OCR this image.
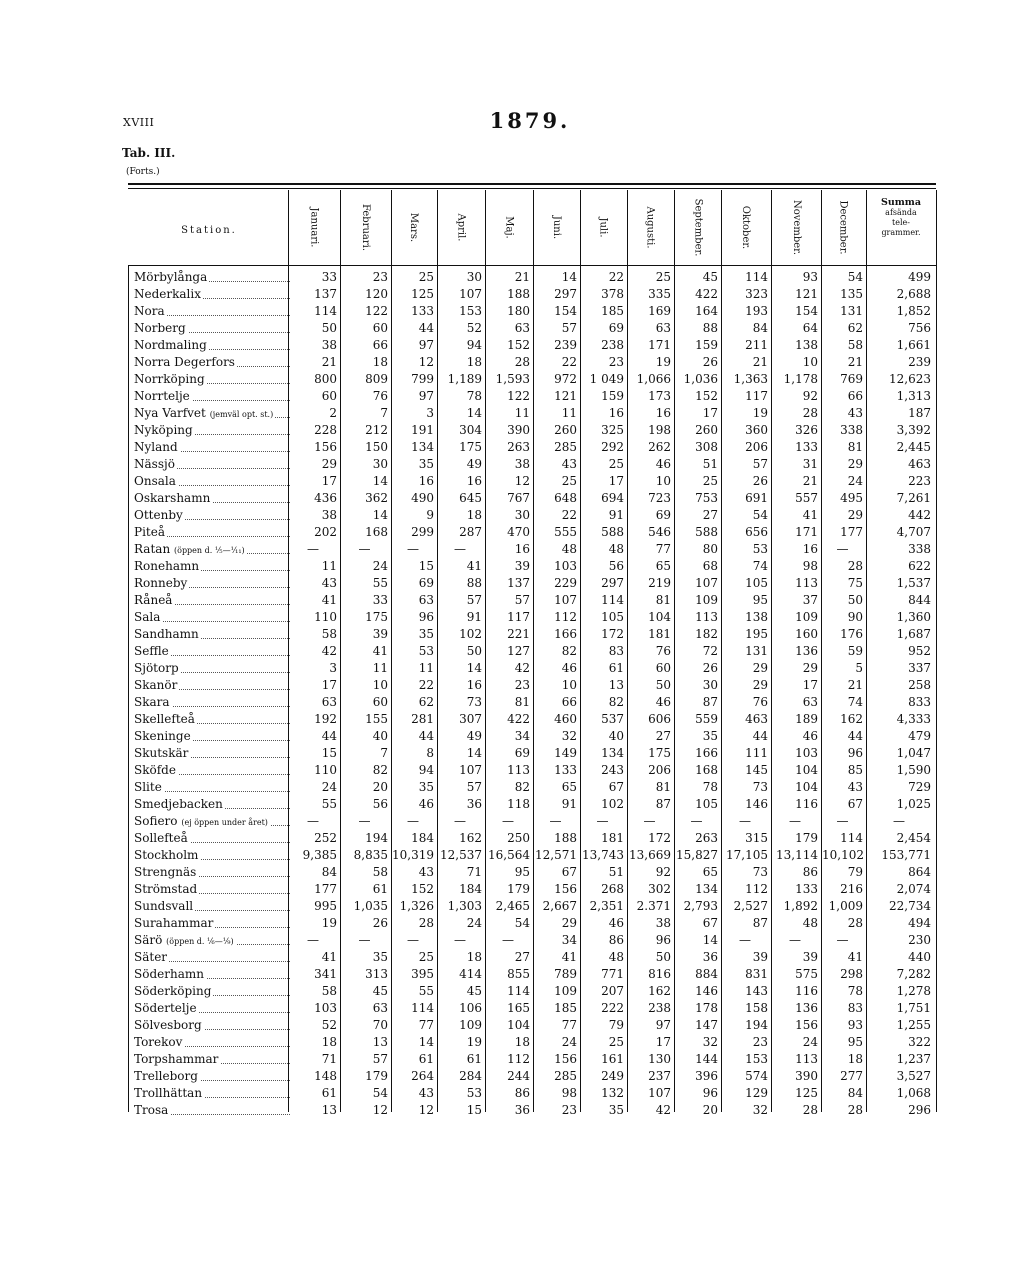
XVIII	1879.
Tab. III.
(Forts.)
Station.
Summa
afsända
tele-
grammer.
Mörbylånga	33	23	25	30	21	14	22	25	45	114	93	54	499
Nederkalix	137	120	125	107	188	297	378	335	422	323	121	135	2,688
Nora	114	122	133	153	180	154	185	169	164	193	154	131	1,852
Norberg	50	60	44	52	63	57	69	63	88	84	64	62	756
Nordmaling	38	66	97	94	152	239	238	171	159	211	138	58	1,661
Norra Degerfors	21	18	12	18	28	22	23	19	26	21	10	21	239
Norrköping	800	809	799	1,189	1,593	972	1 049	1,066	1,036	1,363	1,178	769	12,623
Norrtelje	60	76	97	78	122	121	159	173	152	117	92	66	1,313
Nya Varfvet (jemväl opt. st.)	2	7	3	14	11	11	16	16	17	19	28	43	187
Nyköping	228	212	191	304	390	260	325	198	260	360	326	338	3,392
Nyland	156	150	134	175	263	285	292	262	308	206	133	81	2,445
Nässjö	29	30	35	49	38	43	25	46	51	57	31	29	463
Onsala	17	14	16	16	12	25	17	10	25	26	21	24	223
Oskarshamn	436	362	490	645	767	648	694	723	753	691	557	495	7,261
Ottenby	38	14	9	18	30	22	91	69	27	54	41	29	442
Piteå	202	168	299	287	470	555	588	546	588	656	171	177	4,707
Ratan (öppen d. ⅟₅—⅟₁₁)	—	—	—	—	16	48	48	77	80	53	16	—	338
Ronehamn	11	24	15	41	39	103	56	65	68	74	98	28	622
Ronneby	43	55	69	88	137	229	297	219	107	105	113	75	1,537
Råneå	41	33	63	57	57	107	114	81	109	95	37	50	844
Sala	110	175	96	91	117	112	105	104	113	138	109	90	1,360
Sandhamn	58	39	35	102	221	166	172	181	182	195	160	176	1,687
Seffle	42	41	53	50	127	82	83	76	72	131	136	59	952
Sjötorp	3	11	11	14	42	46	61	60	26	29	29	5	337
Skanör	17	10	22	16	23	10	13	50	30	29	17	21	258
Skara	63	60	62	73	81	66	82	46	87	76	63	74	833
Skellefteå	192	155	281	307	422	460	537	606	559	463	189	162	4,333
Skeninge	44	40	44	49	34	32	40	27	35	44	46	44	479
Skutskär	15	7	8	14	69	149	134	175	166	111	103	96	1,047
Sköfde	110	82	94	107	113	133	243	206	168	145	104	85	1,590
Slite	24	20	35	57	82	65	67	81	78	73	104	43	729
Smedjebacken	55	56	46	36	118	91	102	87	105	146	116	67	1,025
Sofiero (ej öppen under året)	—	—	—	—	—	—	—	—	—	—	—	—	—
Sollefteå	252	194	184	162	250	188	181	172	263	315	179	114	2,454
Stockholm	9,385	8,835 10,319 12,537 16,564 12,571 13,743 13,669 15,827 17,105 13,114 10,102	153,771
Strengnäs	84	58	43	71	95	67	51	92	65	73	86	79	864
Strömstad	177	61	152	184	179	156	268	302	134	112	133	216	2,074
Sundsvall	995	1,035 1,326	1,303	2,465	2,667	2,351	2.371	2,793	2,527	1,892 1,009	22,734
Surahammar	19	26	28	24	54	29	46	38	67	87	48	28	494
Särö (öppen d. ⅟₆—⅟₉)	—	—	—	—	—	34	86	96	14	—	—	—	230
Säter	41	35	25	18	27	41	48	50	36	39	39	41	440
Söderhamn	341	313	395	414	855	789	771	816	884	831	575	298	7,282
Söderköping	58	45	55	45	114	109	207	162	146	143	116	78	1,278
Södertelje	103	63	114	106	165	185	222	238	178	158	136	83	1,751
Sölvesborg	52	70	77	109	104	77	79	97	147	194	156	93	1,255
Torekov	18	13	14	19	18	24	25	17	32	23	24	95	322
Torpshammar	71	57	61	61	112	156	161	130	144	153	113	18	1,237
Trelleborg	148	179	264	284	244	285	249	237	396	574	390	277	3,527
Trollhättan	61	54	43	53	86	98	132	107	96	129	125	84	1,068
Trosa	13	12	12	15	36	23	35	42	20	32	28	28	296
Januari.	Februari.	Mars.	April.	Maj.	Juni.	Juli.	Augusti.	September.	Oktober.	November.	December.
